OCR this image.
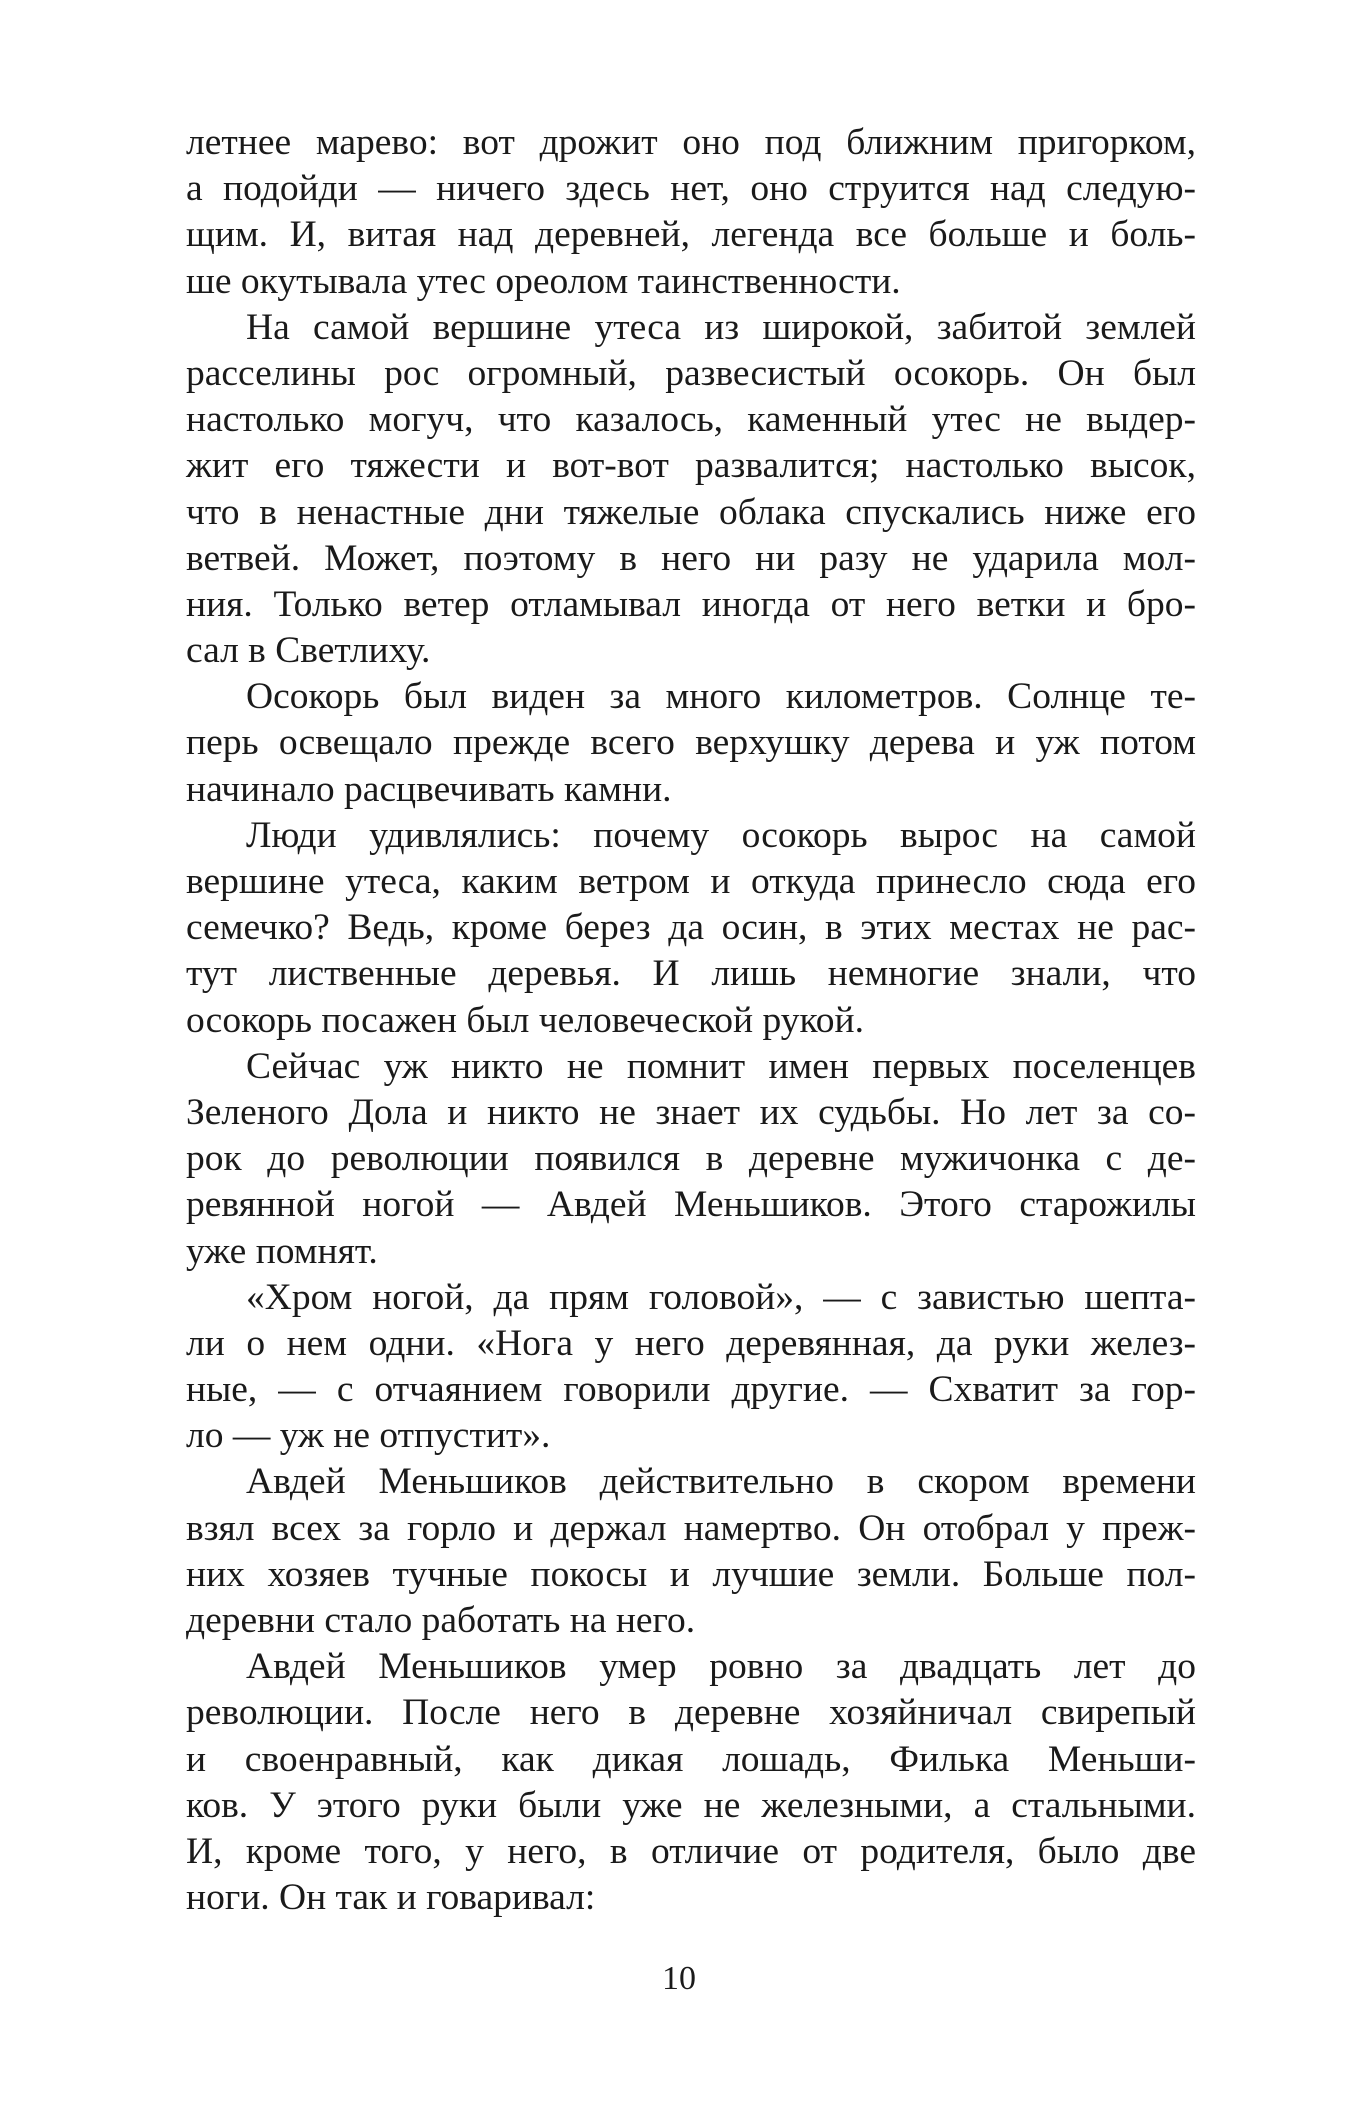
летнее марево: вот дрожит оно под ближним пригорком,
а подойди — ничего здесь нет, оно струится над следую-
щим. И, витая над деревней, легенда все больше и боль-
ше окутывала утес ореолом таинственности.
На самой вершине утеса из широкой, забитой землей
расселины рос огромный, развесистый осокорь. Он был
настолько могуч, что казалось, каменный утес не выдер-
жит его тяжести и вот-вот развалится; настолько высок,
что в ненастные дни тяжелые облака спускались ниже его
ветвей. Может, поэтому в него ни разу не ударила мол-
ния. Только ветер отламывал иногда от него ветки и бро-
сал в Светлиху.
Осокорь был виден за много километров. Солнце те-
перь освещало прежде всего верхушку дерева и уж потом
начинало расцвечивать камни.
Люди удивлялись: почему осокорь вырос на самой
вершине утеса, каким ветром и откуда принесло сюда его
семечко? Ведь, кроме берез да осин, в этих местах не рас-
тут лиственные деревья. И лишь немногие знали, что
осокорь посажен был человеческой рукой.
Сейчас уж никто не помнит имен первых поселенцев
Зеленого Дола и никто не знает их судьбы. Но лет за со-
рок до революции появился в деревне мужичонка с де-
ревянной ногой — Авдей Меньшиков. Этого старожилы
уже помнят.
«Хром ногой, да прям головой», — с завистью шепта-
ли о нем одни. «Нога у него деревянная, да руки желез-
ные, — с отчаянием говорили другие. — Схватит за гор-
ло — уж не отпустит».
Авдей Меньшиков действительно в скором времени
взял всех за горло и держал намертво. Он отобрал у преж-
них хозяев тучные покосы и лучшие земли. Больше пол-
деревни стало работать на него.
Авдей Меньшиков умер ровно за двадцать лет до
революции. После него в деревне хозяйничал свирепый
и своенравный, как дикая лошадь, Филька Меньши-
ков. У этого руки были уже не железными, а стальными.
И, кроме того, у него, в отличие от родителя, было две
ноги. Он так и говаривал:
10
